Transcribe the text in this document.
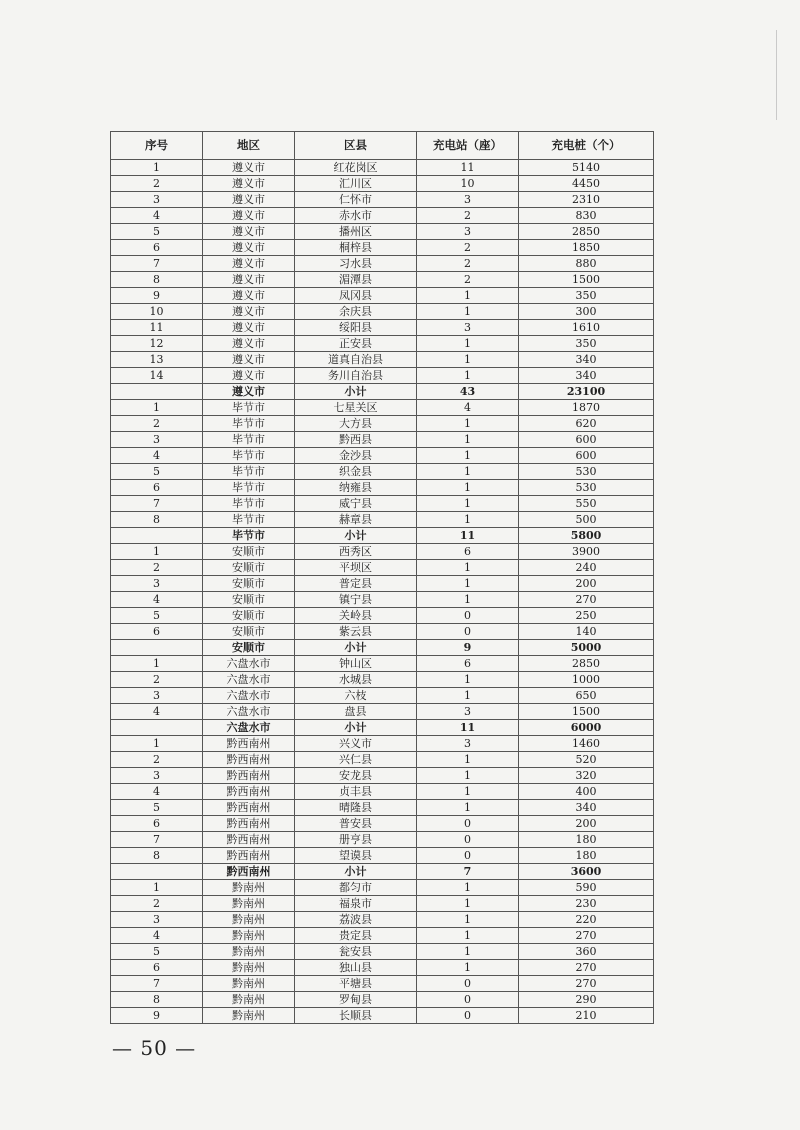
序号	地区	区县	充电站（座）	充电桩（个）
1	遵义市	红花岗区	11	5140
2	遵义市	汇川区	10	4450
3	遵义市	仁怀市	3	2310
4	遵义市	赤水市	2	830
5	遵义市	播州区	3	2850
6	遵义市	桐梓县	2	1850
7	遵义市	习水县	2	880
8	遵义市	湄潭县	2	1500
9	遵义市	凤冈县	1	350
10	遵义市	余庆县	1	300
11	遵义市	绥阳县	3	1610
12	遵义市	正安县	1	350
13	遵义市	道真自治县	1	340
14	遵义市	务川自治县	1	340
	遵义市	小计	43	23100
1	毕节市	七星关区	4	1870
2	毕节市	大方县	1	620
3	毕节市	黔西县	1	600
4	毕节市	金沙县	1	600
5	毕节市	织金县	1	530
6	毕节市	纳雍县	1	530
7	毕节市	威宁县	1	550
8	毕节市	赫章县	1	500
	毕节市	小计	11	5800
1	安顺市	西秀区	6	3900
2	安顺市	平坝区	1	240
3	安顺市	普定县	1	200
4	安顺市	镇宁县	1	270
5	安顺市	关岭县	0	250
6	安顺市	紫云县	0	140
	安顺市	小计	9	5000
1	六盘水市	钟山区	6	2850
2	六盘水市	水城县	1	1000
3	六盘水市	六枝	1	650
4	六盘水市	盘县	3	1500
	六盘水市	小计	11	6000
1	黔西南州	兴义市	3	1460
2	黔西南州	兴仁县	1	520
3	黔西南州	安龙县	1	320
4	黔西南州	贞丰县	1	400
5	黔西南州	晴隆县	1	340
6	黔西南州	普安县	0	200
7	黔西南州	册亨县	0	180
8	黔西南州	望谟县	0	180
	黔西南州	小计	7	3600
1	黔南州	都匀市	1	590
2	黔南州	福泉市	1	230
3	黔南州	荔波县	1	220
4	黔南州	贵定县	1	270
5	黔南州	瓮安县	1	360
6	黔南州	独山县	1	270
7	黔南州	平塘县	0	270
8	黔南州	罗甸县	0	290
9	黔南州	长顺县	0	210
— 50 —
